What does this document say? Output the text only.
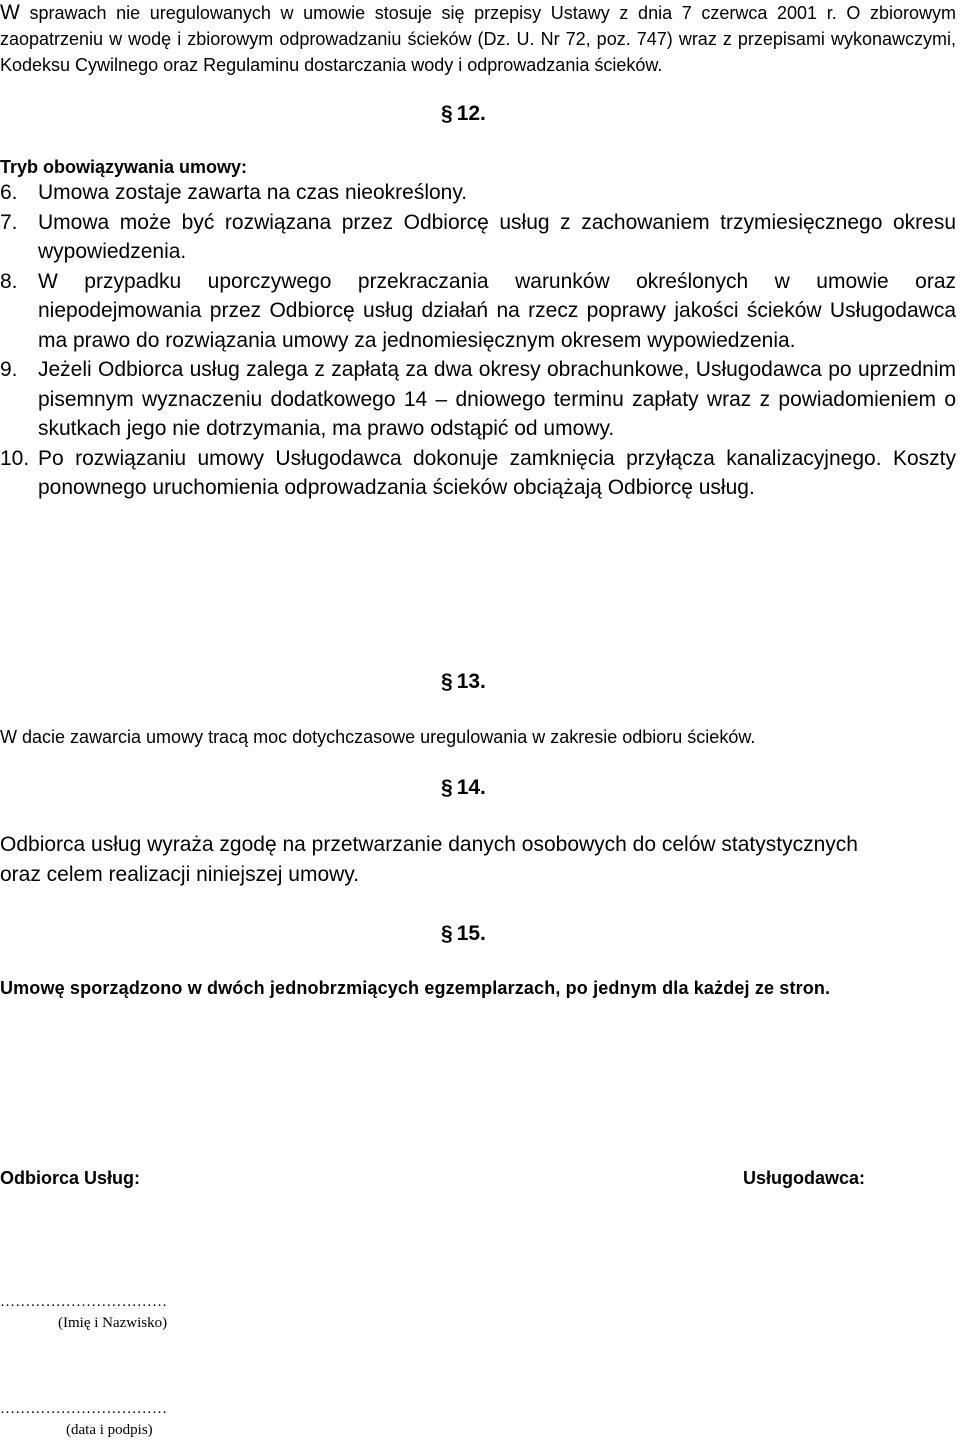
W sprawach nie uregulowanych w umowie stosuje się przepisy Ustawy z dnia 7 czerwca 2001 r. O zbiorowym zaopatrzeniu w wodę i zbiorowym odprowadzaniu ścieków (Dz. U. Nr 72, poz. 747) wraz z przepisami wykonawczymi, Kodeksu Cywilnego oraz Regulaminu dostarczania wody i odprowadzania ścieków.

§ 12.
Tryb obowiązywania umowy:
6. Umowa zostaje zawarta na czas nieokreślony.
7. Umowa może być rozwiązana przez Odbiorcę usług z zachowaniem trzymiesięcznego okresu wypowiedzenia.
8. W przypadku uporczywego przekraczania warunków określonych w umowie oraz niepodejmowania przez Odbiorcę usług działań na rzecz poprawy jakości ścieków Usługodawca ma prawo do rozwiązania umowy za jednomiesięcznym okresem wypowiedzenia.
9. Jeżeli Odbiorca usług zalega z zapłatą za dwa okresy obrachunkowe, Usługodawca po uprzednim pisemnym wyznaczeniu dodatkowego 14 – dniowego terminu zapłaty wraz z powiadomieniem o skutkach jego nie dotrzymania, ma prawo odstąpić od umowy.
10. Po rozwiązaniu umowy Usługodawca dokonuje zamknięcia przyłącza kanalizacyjnego. Koszty ponownego uruchomienia odprowadzania ścieków obciążają Odbiorcę usług.
§ 13.

W dacie zawarcia umowy tracą moc dotychczasowe uregulowania w zakresie odbioru ścieków.

§ 14.

Odbiorca usług wyraża zgodę na przetwarzanie danych osobowych do celów statystycznych oraz celem realizacji niniejszej umowy.

§ 15.

Umowę sporządzono w dwóch jednobrzmiących egzemplarzach, po jednym dla każdej ze stron.

Odbiorca Usług:	Usługodawca:
……………………………
(Imię i Nazwisko)
……………………………
(data i podpis)
